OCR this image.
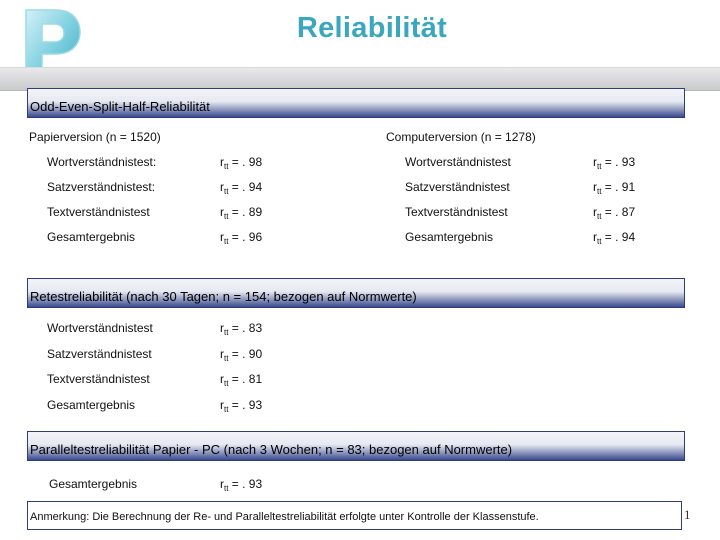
Reliabilität
Odd-Even-Split-Half-Reliabilität
Papierversion (n = 1520)	Computerversion (n = 1278)
Wortverständnistest:	$r_{tt}$ = . 98
Satzverständnistest:	$r_{tt}$ = . 94
Textverständnistest	$r_{tt}$ = . 89
Gesamtergebnis	$r_{tt}$ = . 96
Wortverständnistest	$r_{tt}$ = . 93
Satzverständnistest	$r_{tt}$ = . 91
Textverständnistest	$r_{tt}$ = . 87
Gesamtergebnis	$r_{tt}$ = . 94
Retestreliabilität (nach 30 Tagen; n = 154; bezogen auf Normwerte)
Wortverständnistest	$r_{tt}$ = . 83
Satzverständnistest	$r_{tt}$ = . 90
Textverständnistest	$r_{tt}$ = . 81
Gesamtergebnis	$r_{tt}$ = . 93
Paralleltestreliabilität Papier - PC (nach 3 Wochen; n = 83; bezogen auf Normwerte)
Gesamtergebnis	$r_{tt}$ = . 93
Anmerkung: Die Berechnung der Re- und Paralleltestreliabilität erfolgte unter Kontrolle der Klassenstufe.	1
